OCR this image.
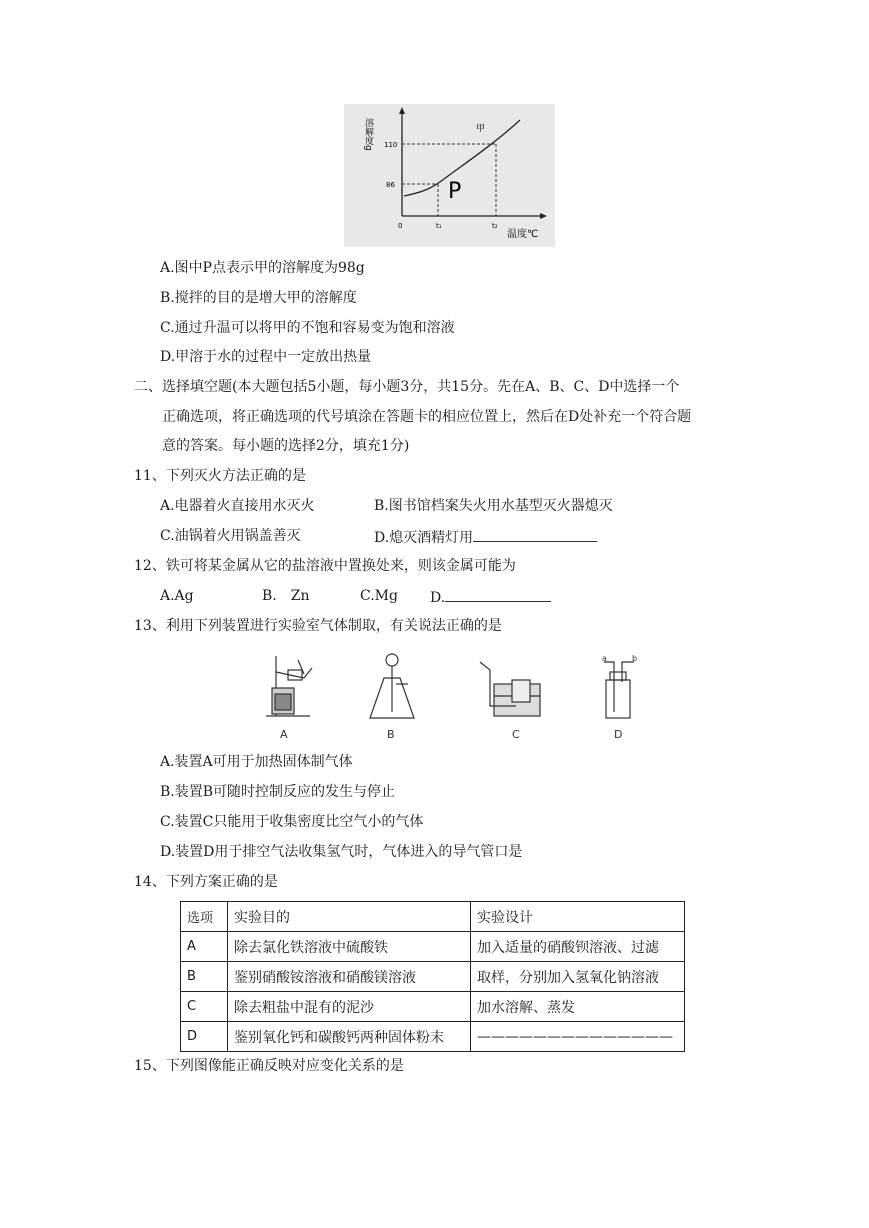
溶解度g 110
86
0	t₁	t₂
甲
P
温度℃
A.图中P点表示甲的溶解度为98g
B.搅拌的目的是增大甲的溶解度
C.通过升温可以将甲的不饱和容易变为饱和溶液
D.甲溶于水的过程中一定放出热量
二、选择填空题(本大题包括5小题，每小题3分，共15分。先在A、B、C、D中选择一个
正确选项，将正确选项的代号填涂在答题卡的相应位置上，然后在D处补充一个符合题
意的答案。每小题的选择2分，填充1分)
11、下列灭火方法正确的是
A.电器着火直接用水灭火	B.图书馆档案失火用水基型灭火器熄灭
C.油锅着火用锅盖善灭	D.熄灭酒精灯用
12、铁可将某金属从它的盐溶液中置换处来，则该金属可能为
A.Ag	B.　Zn	C.Mg D.
13、利用下列装置进行实验室气体制取，有关说法正确的是
a	b
A	B	C	D
A.装置A可用于加热固体制气体
B.装置B可随时控制反应的发生与停止
C.装置C只能用于收集密度比空气小的气体
D.装置D用于排空气法收集氢气时，气体进入的导气管口是
14、下列方案正确的是
选项	实验目的	实验设计
A	除去氯化铁溶液中硫酸铁	加入适量的硝酸钡溶液、过滤
B	鉴别硝酸铵溶液和硝酸镁溶液	取样，分别加入氢氧化钠溶液
C	除去粗盐中混有的泥沙	加水溶解、蒸发
D	鉴别氧化钙和碳酸钙两种固体粉末	——————————————
15、下列图像能正确反映对应变化关系的是
